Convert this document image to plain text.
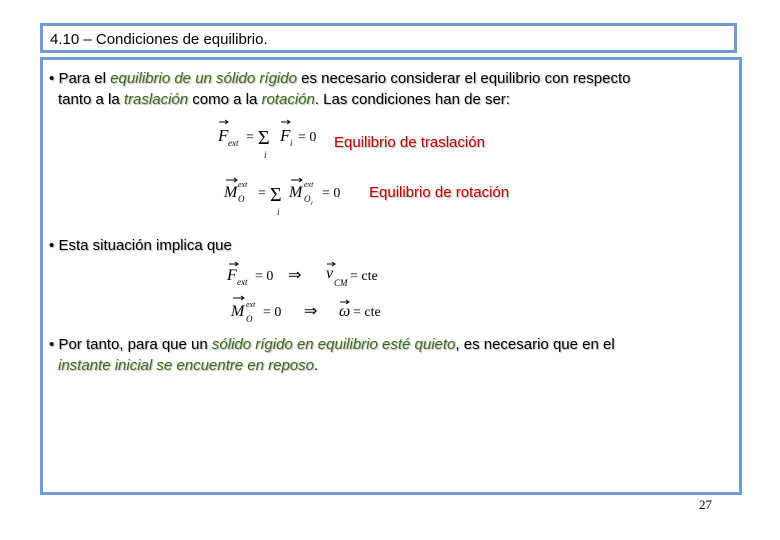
4.10 – Condiciones de equilibrio.
• Para el equilibrio de un sólido rígido es necesario considerar el equilibrio con respecto
tanto a la traslación como a la rotación. Las condiciones han de ser:
F ext = Σ
i
F i = 0 Equilibrio de traslación
M ext
O = Σ
i
M ext
O i
= 0 Equilibrio de rotación
• Esta situación implica que
F ext = 0 ⇒ v
CM = cte
M ext
O = 0 ⇒ ω = cte
• Por tanto, para que un sólido rígido en equilibrio esté quieto, es necesario que en el
instante inicial se encuentre en reposo.
27
